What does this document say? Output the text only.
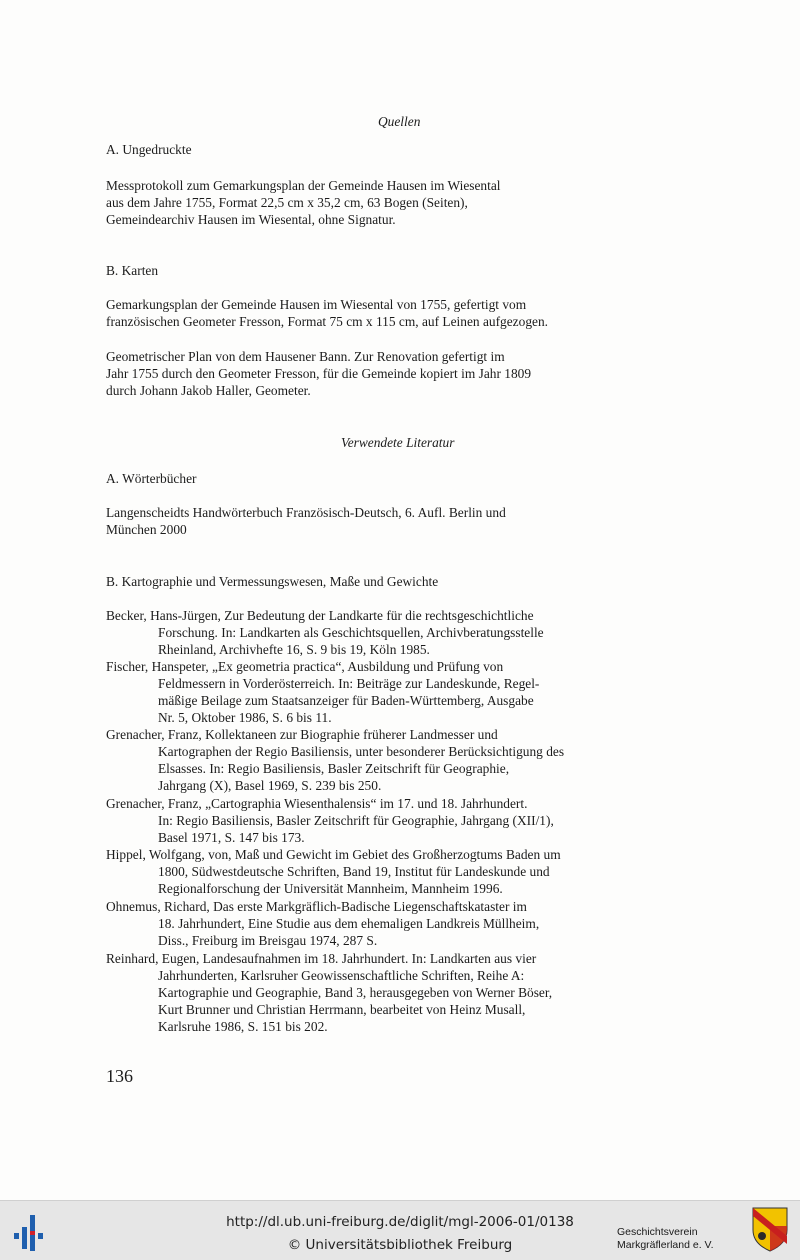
Quellen
A. Ungedruckte
Messprotokoll zum Gemarkungsplan der Gemeinde Hausen im Wiesental
aus dem Jahre 1755, Format 22,5 cm x 35,2 cm, 63 Bogen (Seiten),
Gemeindearchiv Hausen im Wiesental, ohne Signatur.
B. Karten
Gemarkungsplan der Gemeinde Hausen im Wiesental von 1755, gefertigt vom
französischen Geometer Fresson, Format 75 cm x 115 cm, auf Leinen aufgezogen.
Geometrischer Plan von dem Hausener Bann. Zur Renovation gefertigt im
Jahr 1755 durch den Geometer Fresson, für die Gemeinde kopiert im Jahr 1809
durch Johann Jakob Haller, Geometer.
Verwendete Literatur
A. Wörterbücher
Langenscheidts Handwörterbuch Französisch-Deutsch, 6. Aufl. Berlin und
München 2000
B. Kartographie und Vermessungswesen, Maße und Gewichte
Becker, Hans-Jürgen, Zur Bedeutung der Landkarte für die rechtsgeschichtliche
Forschung. In: Landkarten als Geschichtsquellen, Archivberatungsstelle
Rheinland, Archivhefte 16, S. 9 bis 19, Köln 1985.
Fischer, Hanspeter, „Ex geometria practica“, Ausbildung und Prüfung von
Feldmessern in Vorderösterreich. In: Beiträge zur Landeskunde, Regel-
mäßige Beilage zum Staatsanzeiger für Baden-Württemberg, Ausgabe
Nr. 5, Oktober 1986, S. 6 bis 11.
Grenacher, Franz, Kollektaneen zur Biographie früherer Landmesser und
Kartographen der Regio Basiliensis, unter besonderer Berücksichtigung des
Elsasses. In: Regio Basiliensis, Basler Zeitschrift für Geographie,
Jahrgang (X), Basel 1969, S. 239 bis 250.
Grenacher, Franz, „Cartographia Wiesenthalensis“ im 17. und 18. Jahrhundert.
In: Regio Basiliensis, Basler Zeitschrift für Geographie, Jahrgang (XII/1),
Basel 1971, S. 147 bis 173.
Hippel, Wolfgang, von, Maß und Gewicht im Gebiet des Großherzogtums Baden um
1800, Südwestdeutsche Schriften, Band 19, Institut für Landeskunde und
Regionalforschung der Universität Mannheim, Mannheim 1996.
Ohnemus, Richard, Das erste Markgräflich-Badische Liegenschaftskataster im
18. Jahrhundert, Eine Studie aus dem ehemaligen Landkreis Müllheim,
Diss., Freiburg im Breisgau 1974, 287 S.
Reinhard, Eugen, Landesaufnahmen im 18. Jahrhundert. In: Landkarten aus vier
Jahrhunderten, Karlsruher Geowissenschaftliche Schriften, Reihe A:
Kartographie und Geographie, Band 3, herausgegeben von Werner Böser,
Kurt Brunner und Christian Herrmann, bearbeitet von Heinz Musall,
Karlsruhe 1986, S. 151 bis 202.
136
http://dl.ub.uni-freiburg.de/diglit/mgl-2006-01/0138
© Universitätsbibliothek Freiburg
Geschichtsverein
Markgräflerland e. V.
